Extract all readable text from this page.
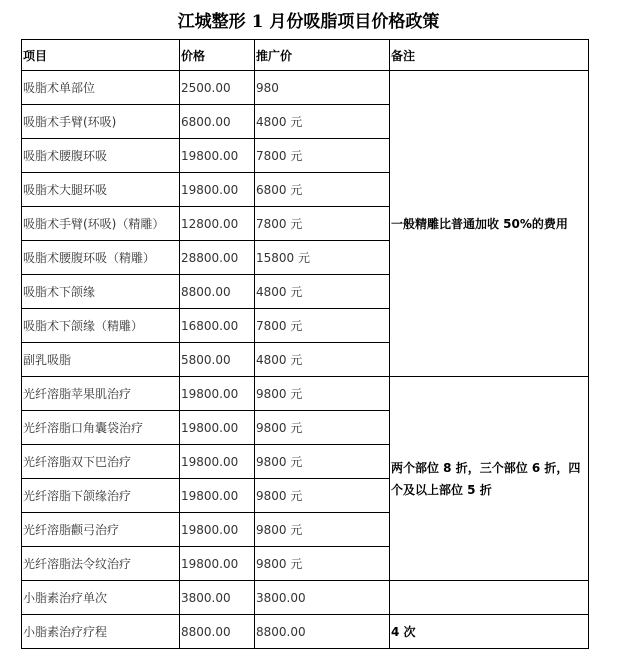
江城整形 1 月份吸脂项目价格政策
项目	价格	推广价	备注
吸脂术单部位	2500.00	980	一般精雕比普通加收 50%的费用
吸脂术手臂(环吸)	6800.00	4800 元	
吸脂术腰腹环吸	19800.00	7800 元	
吸脂术大腿环吸	19800.00	6800 元	
吸脂术手臂(环吸)（精雕）	12800.00	7800 元	
吸脂术腰腹环吸（精雕）	28800.00	15800 元	
吸脂术下颌缘	8800.00	4800 元	
吸脂术下颌缘（精雕）	16800.00	7800 元	
副乳吸脂	5800.00	4800 元	
光纤溶脂苹果肌治疗	19800.00	9800 元	两个部位 8 折，三个部位 6 折，四个及以上部位 5 折
光纤溶脂口角囊袋治疗	19800.00	9800 元	
光纤溶脂双下巴治疗	19800.00	9800 元	
光纤溶脂下颌缘治疗	19800.00	9800 元	
光纤溶脂颧弓治疗	19800.00	9800 元	
光纤溶脂法令纹治疗	19800.00	9800 元	
小脂素治疗单次	3800.00	3800.00	
小脂素治疗疗程	8800.00	8800.00	4 次
